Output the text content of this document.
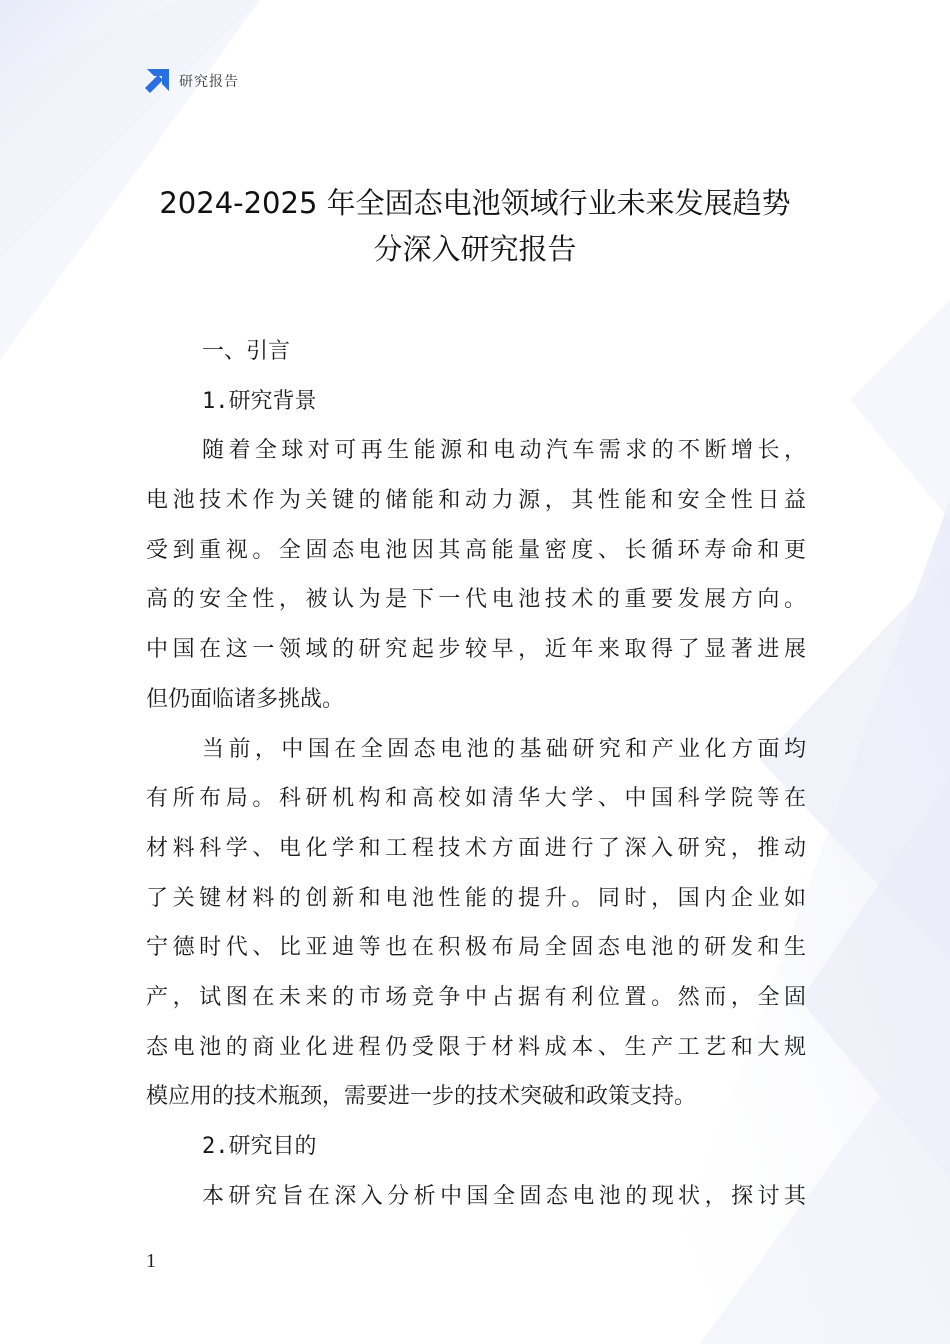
研究报告
2024-2025 年全固态电池领域行业未来发展趋势
分深入研究报告
一、引言
1.研究背景
随着全球对可再生能源和电动汽车需求的不断增长，
电池技术作为关键的储能和动力源，其性能和安全性日益
受到重视。全固态电池因其高能量密度、长循环寿命和更
高的安全性，被认为是下一代电池技术的重要发展方向。
中国在这一领域的研究起步较早，近年来取得了显著进展
但仍面临诸多挑战。
当前，中国在全固态电池的基础研究和产业化方面均
有所布局。科研机构和高校如清华大学、中国科学院等在
材料科学、电化学和工程技术方面进行了深入研究，推动
了关键材料的创新和电池性能的提升。同时，国内企业如
宁德时代、比亚迪等也在积极布局全固态电池的研发和生
产，试图在未来的市场竞争中占据有利位置。然而，全固
态电池的商业化进程仍受限于材料成本、生产工艺和大规
模应用的技术瓶颈，需要进一步的技术突破和政策支持。
2.研究目的
本研究旨在深入分析中国全固态电池的现状，探讨其
1
